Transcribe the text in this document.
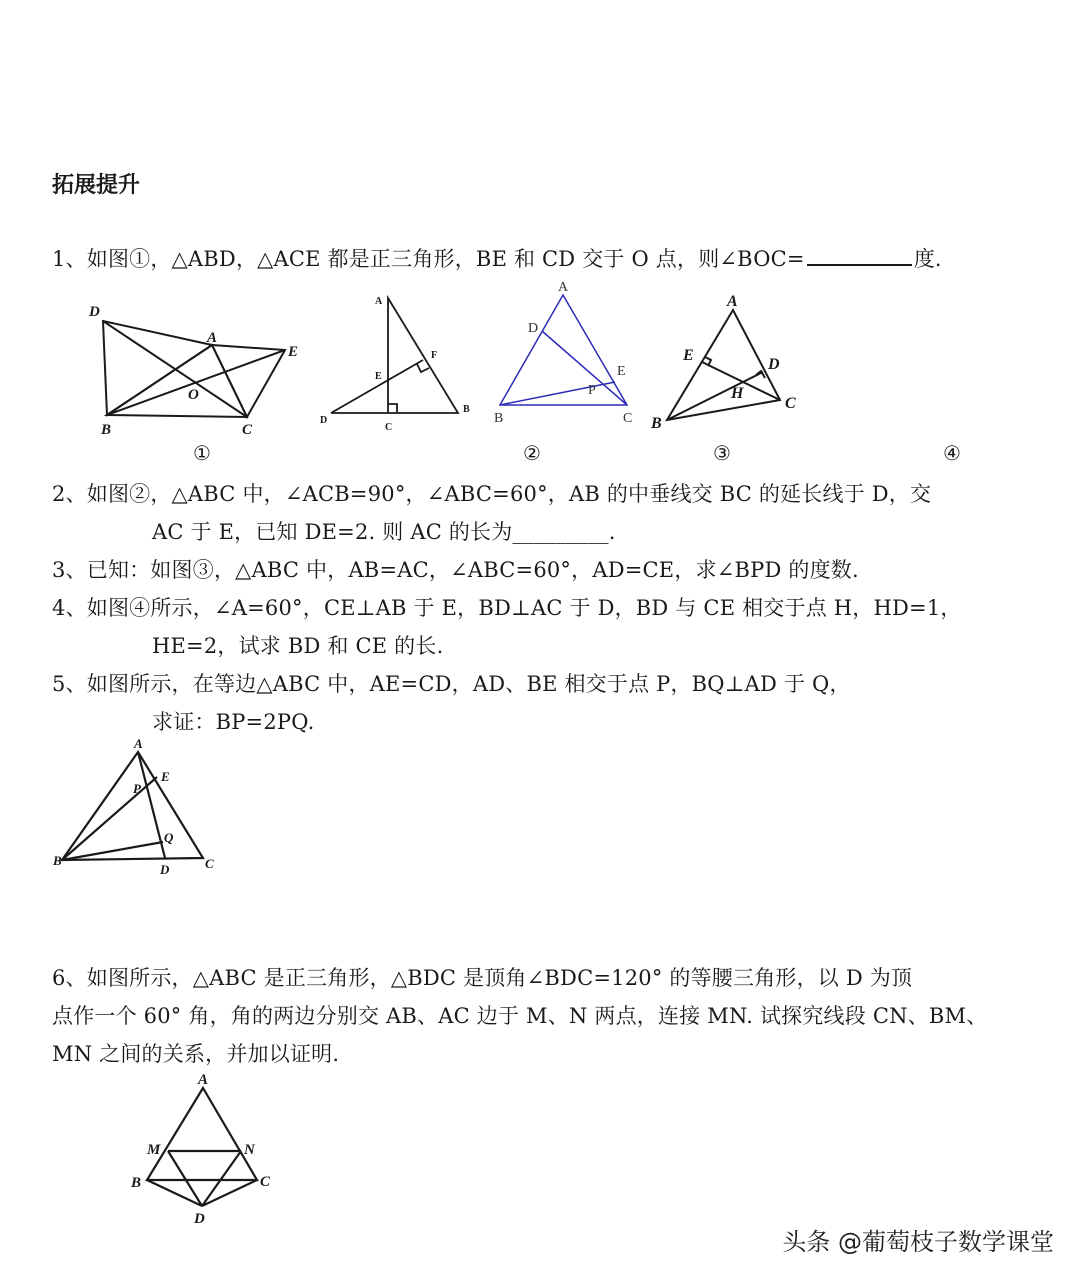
拓展提升
1、如图①，△ABD，△ACE 都是正三角形，BE 和 CD 交于 O 点，则∠BOC=	度.
D
A
E
O
B	C
A
F
E
D
C
B
A
D
E
P
B	C
A
E
D
H
B
C
①	②	③	④
2、如图②，△ABC 中，∠ACB=90°，∠ABC=60°，AB 的中垂线交 BC 的延长线于 D，交
AC 于 E，已知 DE=2. 则 AC 的长为_________.
3、已知：如图③，△ABC 中，AB=AC，∠ABC=60°，AD=CE，求∠BPD 的度数.
4、如图④所示，∠A=60°，CE⊥AB 于 E，BD⊥AC 于 D，BD 与 CE 相交于点 H，HD=1，
HE=2，试求 BD 和 CE 的长.
5、如图所示，在等边△ABC 中，AE=CD，AD、BE 相交于点 P，BQ⊥AD 于 Q，
求证：BP=2PQ.
A
E
P
Q
B
D	C
6、如图所示，△ABC 是正三角形，△BDC 是顶角∠BDC=120° 的等腰三角形，以 D 为顶
点作一个 60° 角，角的两边分别交 AB、AC 边于 M、N 两点，连接 MN. 试探究线段 CN、BM、
MN 之间的关系，并加以证明.
A
M	N
B	C
D
头条 @葡萄枝子数学课堂
